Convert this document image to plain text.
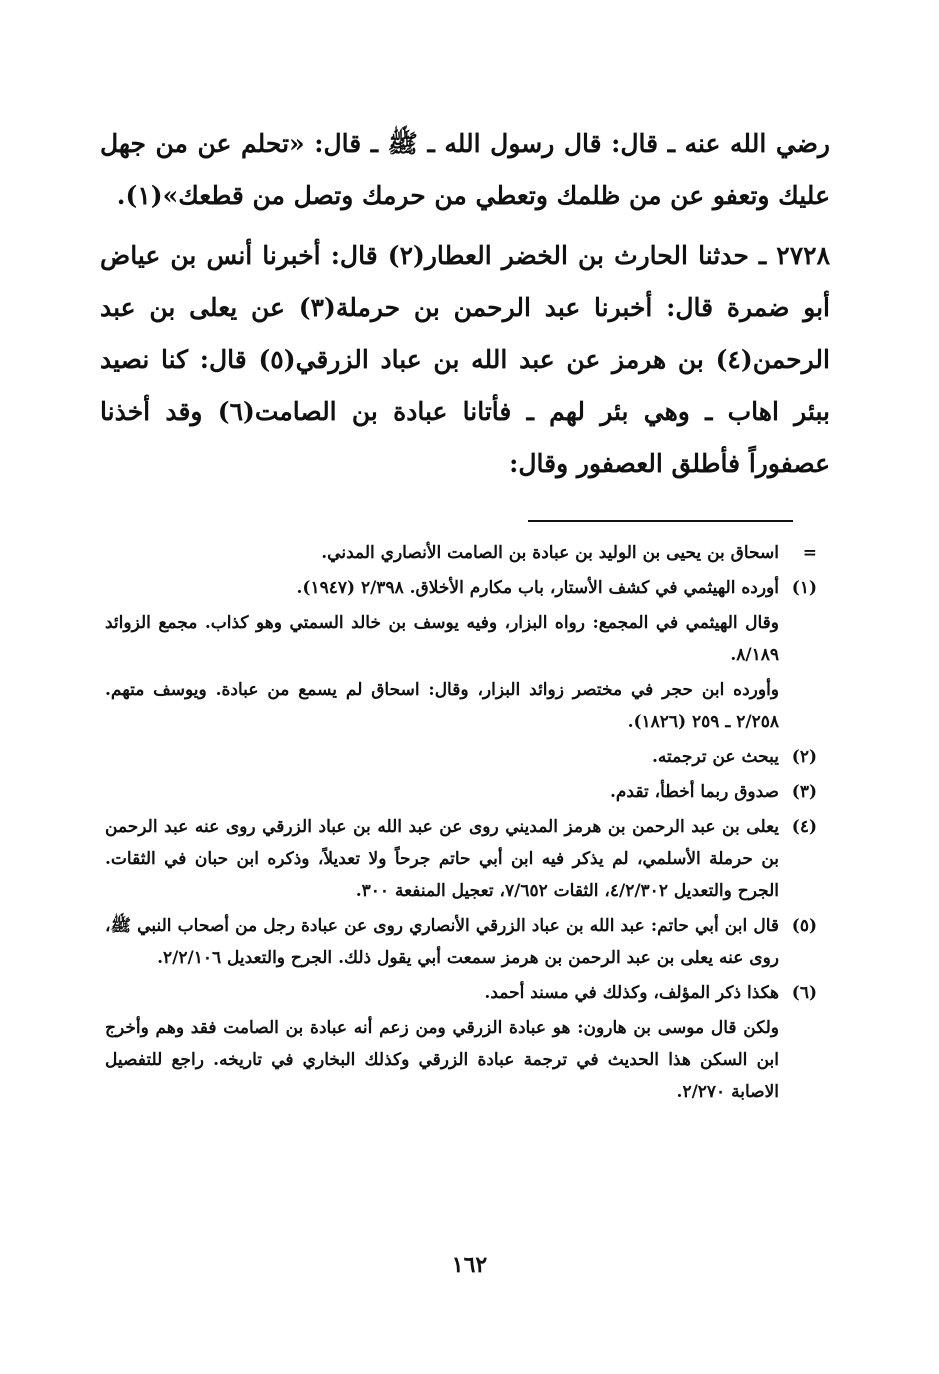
رضي الله عنه ـ قال: قال رسول الله ـ ﷺ ـ قال: «تحلم عن من جهل عليك وتعفو عن من ظلمك وتعطي من حرمك وتصل من قطعك»(١).

٢٧٢٨ ـ حدثنا الحارث بن الخضر العطار(٢) قال: أخبرنا أنس بن عياض أبو ضمرة قال: أخبرنا عبد الرحمن بن حرملة(٣) عن يعلى بن عبد الرحمن(٤) بن هرمز عن عبد الله بن عباد الزرقي(٥) قال: كنا نصيد ببئر اهاب ـ وهي بئر لهم ـ فأتانا عبادة بن الصامت(٦) وقد أخذنا عصفوراً فأطلق العصفور وقال:

=
اسحاق بن يحيى بن الوليد بن عبادة بن الصامت الأنصاري المدني.

(١)
أورده الهيثمي في كشف الأستار، باب مكارم الأخلاق. ٢/٣٩٨ (١٩٤٧).

وقال الهيثمي في المجمع: رواه البزار، وفيه يوسف بن خالد السمتي وهو كذاب. مجمع الزوائد ٨/١٨٩.

وأورده ابن حجر في مختصر زوائد البزار، وقال: اسحاق لم يسمع من عبادة. ويوسف متهم. ٢/٢٥٨ ـ ٢٥٩ (١٨٢٦).

(٢)
يبحث عن ترجمته.

(٣)
صدوق ربما أخطأ، تقدم.

(٤)
يعلى بن عبد الرحمن بن هرمز المديني روى عن عبد الله بن عباد الزرقي روى عنه عبد الرحمن بن حرملة الأسلمي، لم يذكر فيه ابن أبي حاتم جرحاً ولا تعديلاً، وذكره ابن حبان في الثقات. الجرح والتعديل ٤/٢/٣٠٢، الثقات ٧/٦٥٢، تعجيل المنفعة ٣٠٠.

(٥)
قال ابن أبي حاتم: عبد الله بن عباد الزرقي الأنصاري روى عن عبادة رجل من أصحاب النبي ﷺ، روى عنه يعلى بن عبد الرحمن بن هرمز سمعت أبي يقول ذلك. الجرح والتعديل ٢/٢/١٠٦.

(٦)
هكذا ذكر المؤلف، وكذلك في مسند أحمد.

ولكن قال موسى بن هارون: هو عبادة الزرقي ومن زعم أنه عبادة بن الصامت فقد وهم وأخرج ابن السكن هذا الحديث في ترجمة عبادة الزرقي وكذلك البخاري في تاريخه. راجع للتفصيل الاصابة ٢/٢٧٠.

١٦٢
